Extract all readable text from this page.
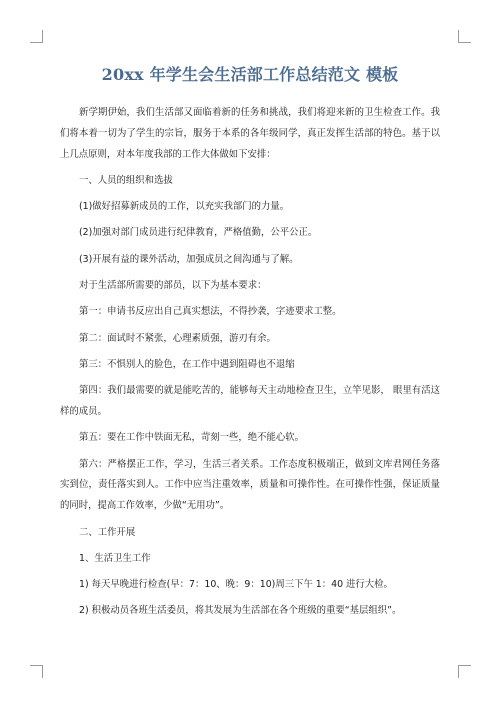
20xx 年学生会生活部工作总结范文 模板

新学期伊始，我们生活部又面临着新的任务和挑战，我们将迎来新的卫生检查工作。我们将本着一切为了学生的宗旨，服务于本系的各年级同学，真正发挥生活部的特色。基于以上几点原则，对本年度我部的工作大体做如下安排：

一、人员的组织和选拔

(1)做好招募新成员的工作，以充实我部门的力量。

(2)加强对部门成员进行纪律教育，严格值勤，公平公正。

(3)开展有益的课外活动，加强成员之间沟通与了解。

对于生活部所需要的部员，以下为基本要求：

第一：申请书反应出自己真实想法，不得抄袭，字迹要求工整。

第二：面试时不紧张，心理素质强，游刃有余。

第三：不惧别人的脸色，在工作中遇到阻碍也不退缩

第四：我们最需要的就是能吃苦的，能够每天主动地检查卫生，立竿见影， 眼里有活这样的成员。

第五：要在工作中铁面无私，苛刻一些，绝不能心软。

第六：严格摆正工作，学习，生活三者关系。工作态度积极端正，做到文库君网任务落实到位，责任落实到人。工作中应当注重效率，质量和可操作性。在可操作性强，保证质量的同时，提高工作效率，少做“无用功”。

二、工作开展

1、生活卫生工作

1) 每天早晚进行检查(早：7：10、晚：9：10)周三下午 1：40 进行大检。

2) 积极动员各班生活委员，将其发展为生活部在各个班级的重要“基层组织”。
